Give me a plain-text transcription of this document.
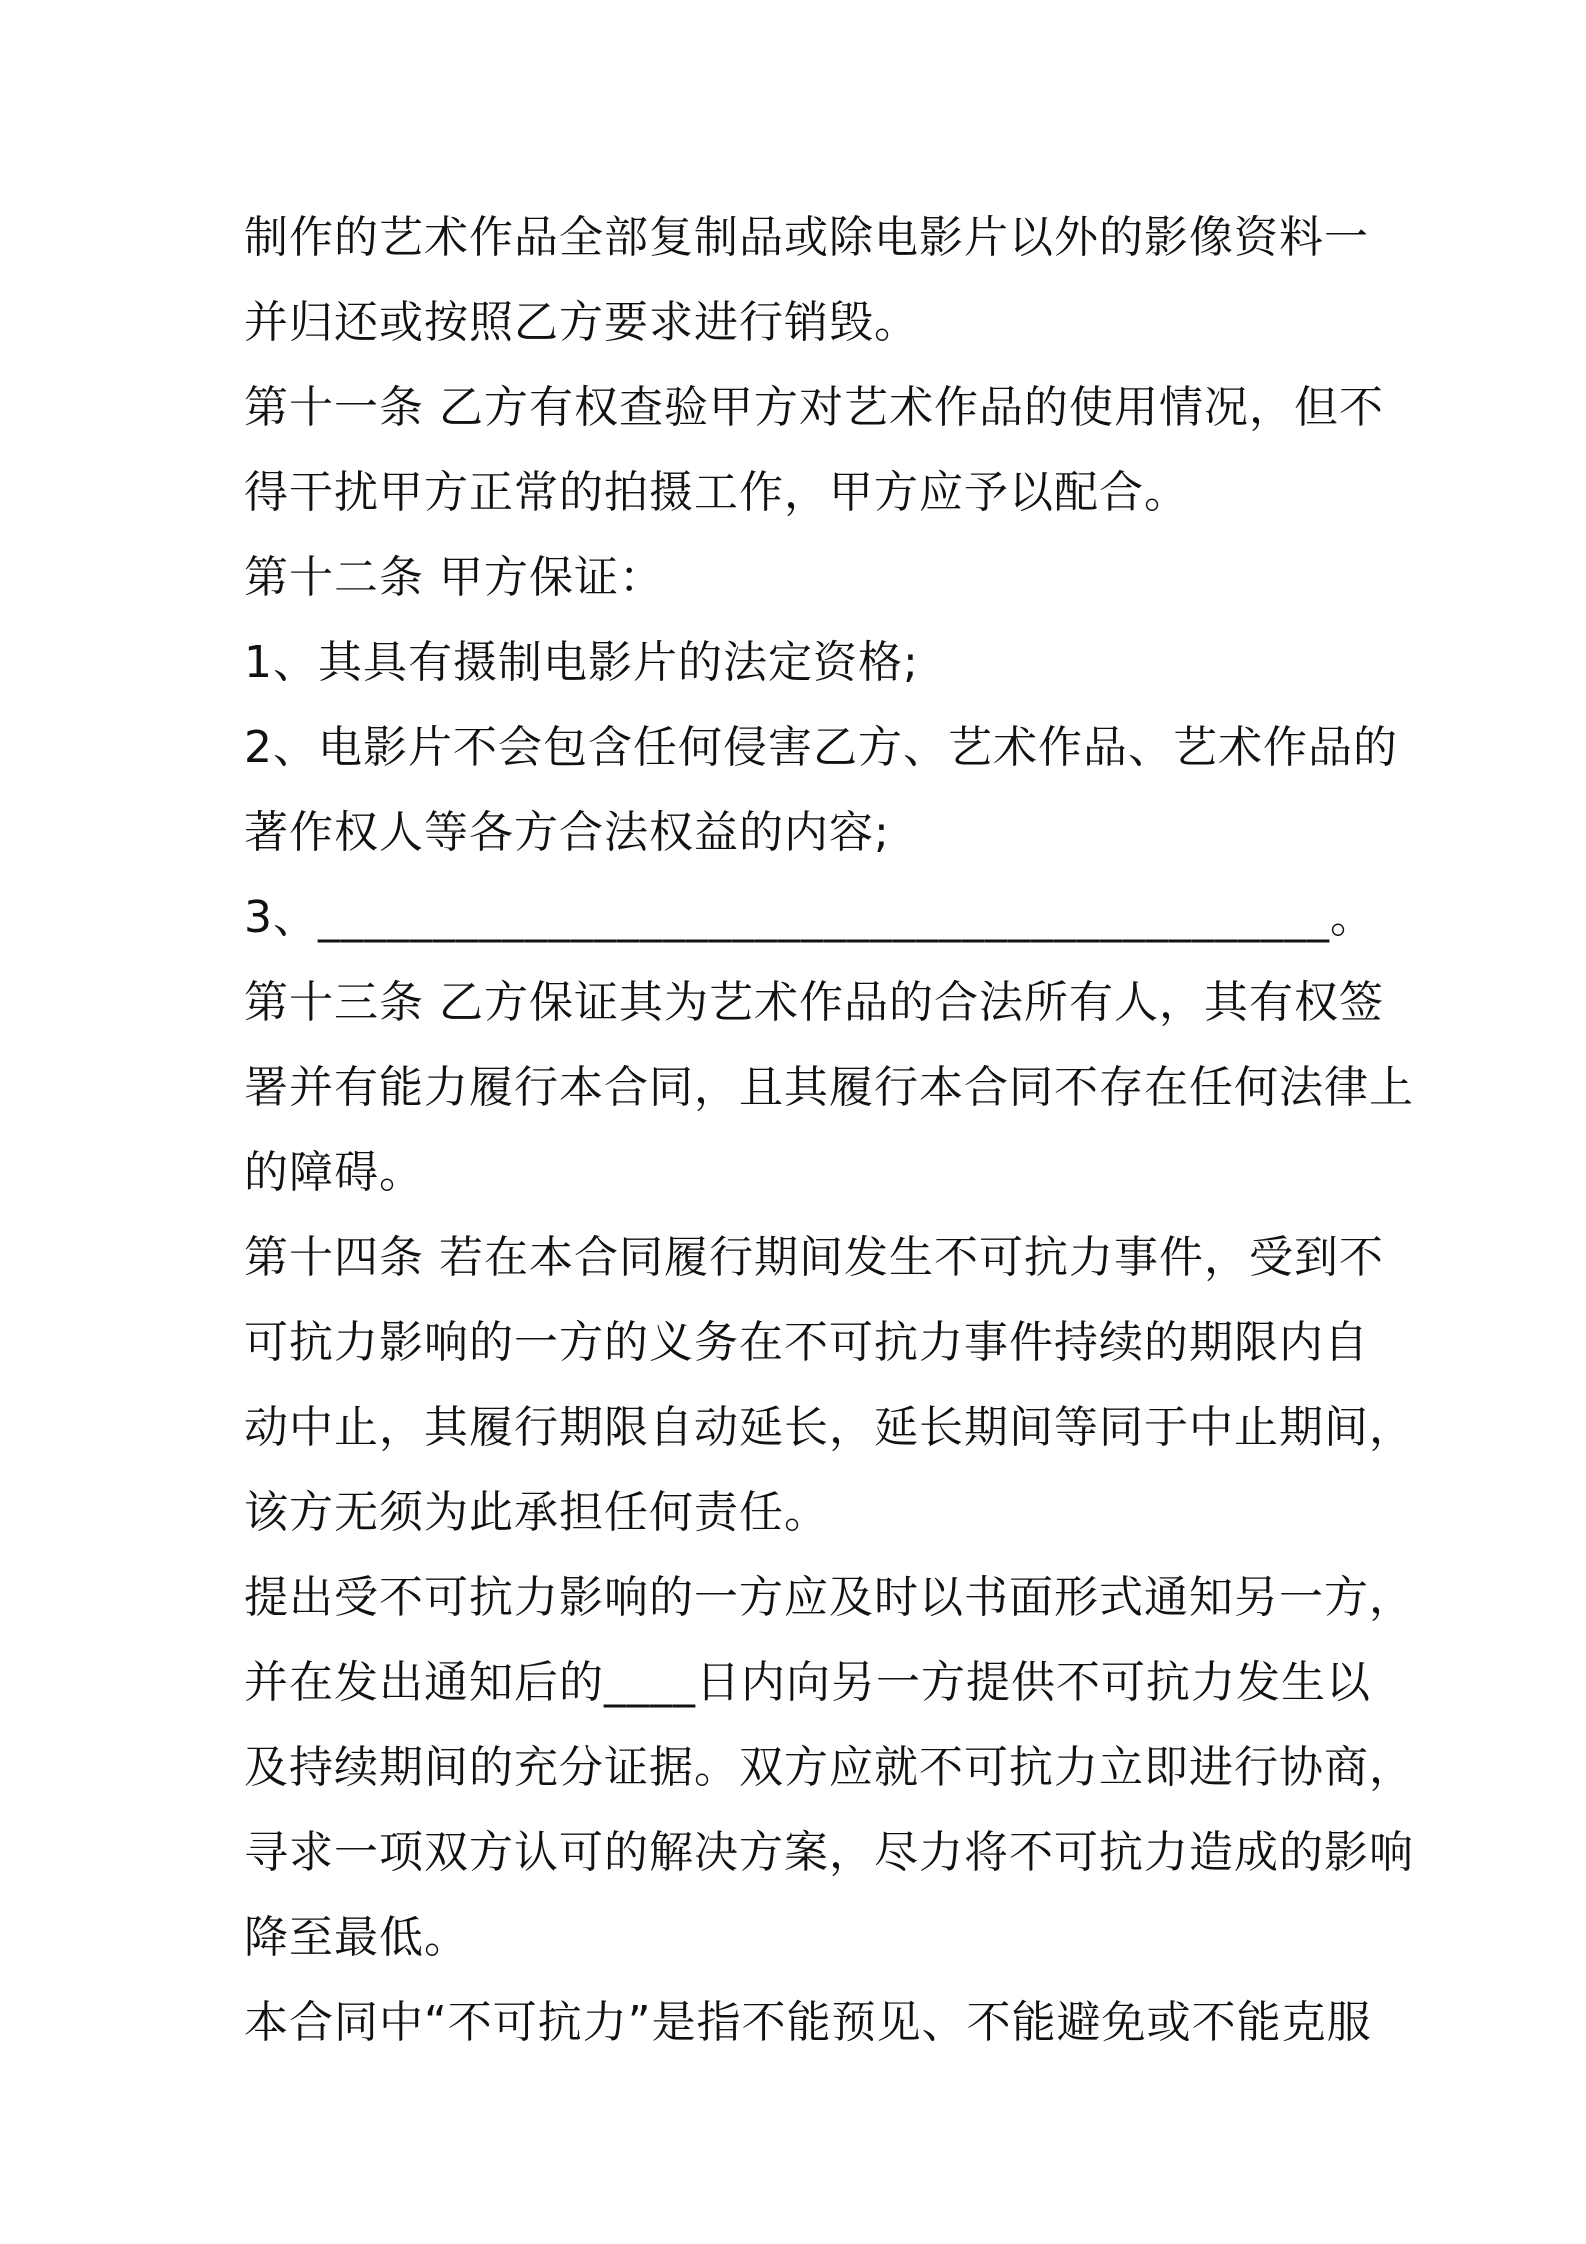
制作的艺术作品全部复制品或除电影片以外的影像资料一
并归还或按照乙方要求进行销毁。
第十一条 乙方有权查验甲方对艺术作品的使用情况，但不
得干扰甲方正常的拍摄工作，甲方应予以配合。
第十二条 甲方保证：
1、其具有摄制电影片的法定资格;
2、电影片不会包含任何侵害乙方、艺术作品、艺术作品的
著作权人等各方合法权益的内容;
3、____________________________________________。
第十三条 乙方保证其为艺术作品的合法所有人，其有权签
署并有能力履行本合同，且其履行本合同不存在任何法律上
的障碍。
第十四条 若在本合同履行期间发生不可抗力事件，受到不
可抗力影响的一方的义务在不可抗力事件持续的期限内自
动中止，其履行期限自动延长，延长期间等同于中止期间，
该方无须为此承担任何责任。
提出受不可抗力影响的一方应及时以书面形式通知另一方，
并在发出通知后的____日内向另一方提供不可抗力发生以
及持续期间的充分证据。双方应就不可抗力立即进行协商，
寻求一项双方认可的解决方案，尽力将不可抗力造成的影响
降至最低。
本合同中“不可抗力”是指不能预见、不能避免或不能克服
